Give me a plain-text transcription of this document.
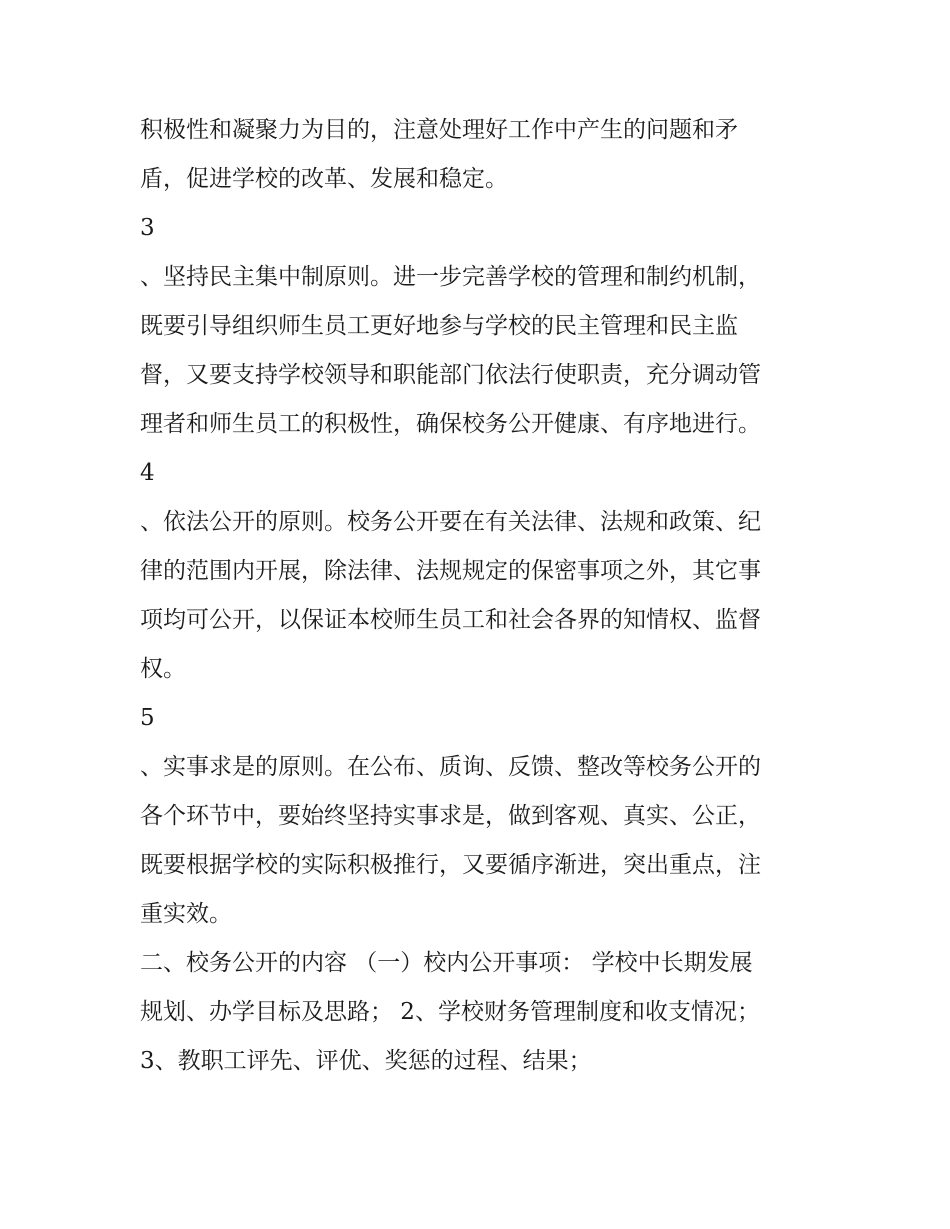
积极性和凝聚力为目的，注意处理好工作中产生的问题和矛
盾，促进学校的改革、发展和稳定。
3
、坚持民主集中制原则。进一步完善学校的管理和制约机制，
既要引导组织师生员工更好地参与学校的民主管理和民主监
督，又要支持学校领导和职能部门依法行使职责，充分调动管
理者和师生员工的积极性，确保校务公开健康、有序地进行。
4
、依法公开的原则。校务公开要在有关法律、法规和政策、纪
律的范围内开展，除法律、法规规定的保密事项之外，其它事
项均可公开，以保证本校师生员工和社会各界的知情权、监督
权。
5
、实事求是的原则。在公布、质询、反馈、整改等校务公开的
各个环节中，要始终坚持实事求是，做到客观、真实、公正，
既要根据学校的实际积极推行，又要循序渐进，突出重点，注
重实效。
二、校务公开的内容 （一）校内公开事项： 学校中长期发展
规划、办学目标及思路； 2、学校财务管理制度和收支情况；
3、教职工评先、评优、奖惩的过程、结果；
